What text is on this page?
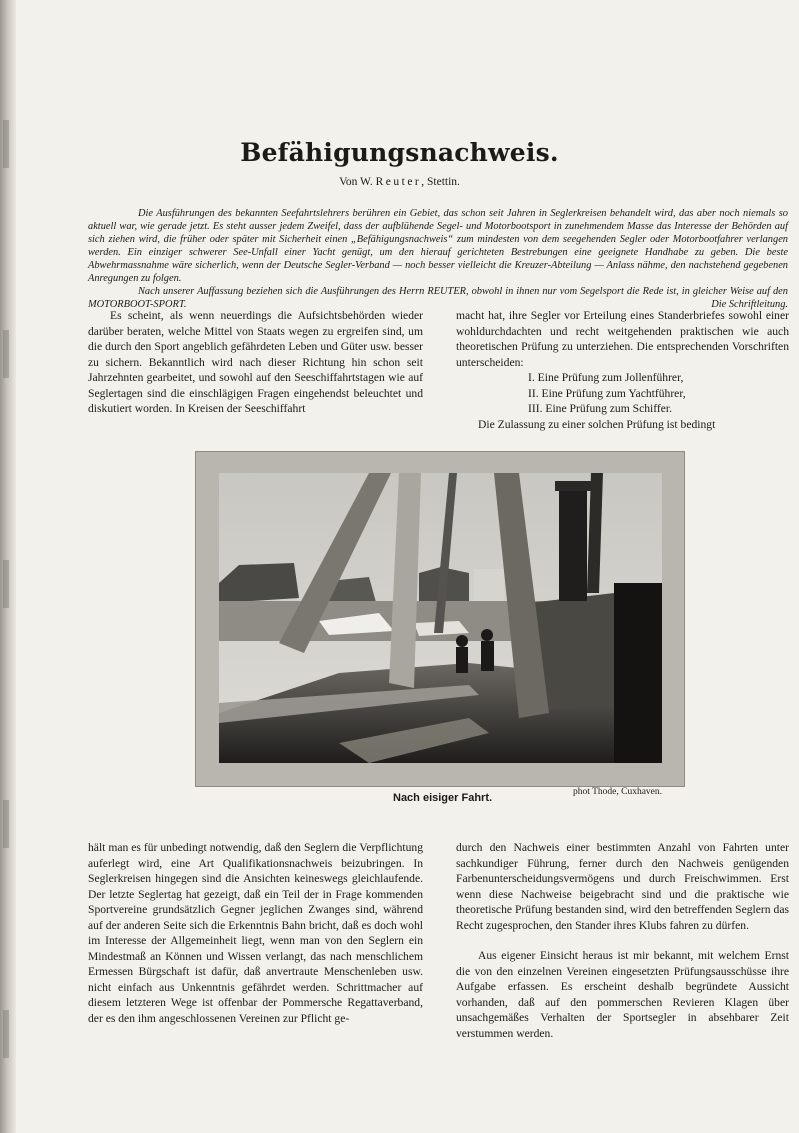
Befähigungsnachweis.
Von W. Reuter, Stettin.

Die Ausführungen des bekannten Seefahrtslehrers berühren ein Gebiet, das schon seit Jahren in Seglerkreisen behandelt wird, das aber noch niemals so aktuell war, wie gerade jetzt. Es steht ausser jedem Zweifel, dass der aufblühende Segel- und Motorbootsport in zunehmendem Masse das Interesse der Behörden auf sich ziehen wird, die früher oder später mit Sicherheit einen „Befähigungsnachweis“ zum mindesten von dem seegehenden Segler oder Motorbootfahrer verlangen werden. Ein einziger schwerer See-Unfall einer Yacht genügt, um den hierauf gerichteten Bestrebungen eine geeignete Handhabe zu geben. Die beste Abwehrmassnahme wäre sicherlich, wenn der Deutsche Segler-Verband — noch besser vielleicht die Kreuzer-Abteilung — Anlass nähme, den nachstehend gegebenen Anregungen zu folgen.

Nach unserer Auffassung beziehen sich die Ausführungen des Herrn REUTER, obwohl in ihnen nur vom Segelsport die Rede ist, in gleicher Weise auf den MOTORBOOT-SPORT.	Die Schriftleitung.

Es scheint, als wenn neuerdings die Aufsichtsbehörden wieder darüber beraten, welche Mittel von Staats wegen zu ergreifen sind, um die durch den Sport angeblich gefährdeten Leben und Güter usw. besser zu sichern. Bekanntlich wird nach dieser Richtung hin schon seit Jahrzehnten gearbeitet, und sowohl auf den Seeschiffahrtstagen wie auf Seglertagen sind die einschlägigen Fragen eingehendst beleuchtet und diskutiert worden. In Kreisen der Seeschiffahrt

macht hat, ihre Segler vor Erteilung eines Standerbriefes sowohl einer wohldurchdachten und recht weitgehenden praktischen wie auch theoretischen Prüfung zu unterziehen. Die entsprechenden Vorschriften unterscheiden:

I. Eine Prüfung zum Jollenführer,

II. Eine Prüfung zum Yachtführer,

III. Eine Prüfung zum Schiffer.

Die Zulassung zu einer solchen Prüfung ist bedingt

Nach eisiger Fahrt.	phot Thode, Cuxhaven.

hält man es für unbedingt notwendig, daß den Seglern die Verpflichtung auferlegt wird, eine Art Qualifikationsnachweis beizubringen. In Seglerkreisen hingegen sind die Ansichten keineswegs gleichlaufende. Der letzte Seglertag hat gezeigt, daß ein Teil der in Frage kommenden Sportvereine grundsätzlich Gegner jeglichen Zwanges sind, während auf der anderen Seite sich die Erkenntnis Bahn bricht, daß es doch wohl im Interesse der Allgemeinheit liegt, wenn man von den Seglern ein Mindestmaß an Können und Wissen verlangt, das nach menschlichem Ermessen Bürgschaft ist dafür, daß anvertraute Menschenleben usw. nicht einfach aus Unkenntnis gefährdet werden. Schrittmacher auf diesem letzteren Wege ist offenbar der Pommersche Regattaverband, der es den ihm angeschlossenen Vereinen zur Pflicht ge-

durch den Nachweis einer bestimmten Anzahl von Fahrten unter sachkundiger Führung, ferner durch den Nachweis genügenden Farbenunterscheidungsvermögens und durch Freischwimmen. Erst wenn diese Nachweise beigebracht sind und die praktische wie theoretische Prüfung bestanden sind, wird den betreffenden Seglern das Recht zugesprochen, den Stander ihres Klubs fahren zu dürfen.

Aus eigener Einsicht heraus ist mir bekannt, mit welchem Ernst die von den einzelnen Vereinen eingesetzten Prüfungsausschüsse ihre Aufgabe erfassen. Es erscheint deshalb begründete Aussicht vorhanden, daß auf den pommerschen Revieren Klagen über unsachgemäßes Verhalten der Sportsegler in absehbarer Zeit verstummen werden.
